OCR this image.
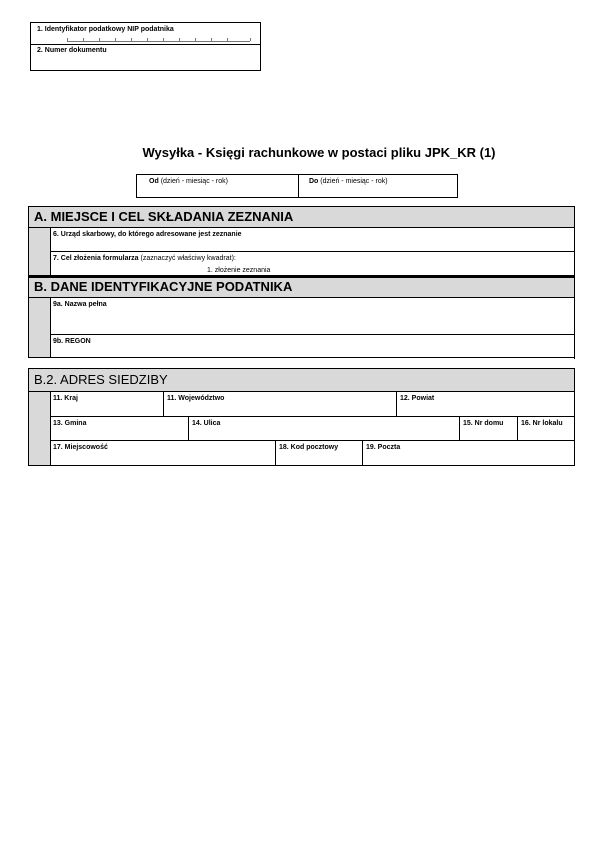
1. Identyfikator podatkowy NIP podatnika
2. Numer dokumentu
Wysyłka - Księgi rachunkowe w postaci pliku JPK_KR (1)
Od (dzień - miesiąc - rok)	Do (dzień - miesiąc - rok)
A. MIEJSCE I CEL SKŁADANIA ZEZNANIA
6. Urząd skarbowy, do którego adresowane jest zeznanie
7. Cel złożenia formularza (zaznaczyć właściwy kwadrat):
1. złożenie zeznania
B. DANE IDENTYFIKACYJNE PODATNIKA
9a. Nazwa pełna
9b. REGON
B.2. ADRES SIEDZIBY
11. Kraj	11. Województwo	12. Powiat
13. Gmina	14. Ulica	15. Nr domu	16. Nr lokalu
17. Miejscowość	18. Kod pocztowy	19. Poczta
